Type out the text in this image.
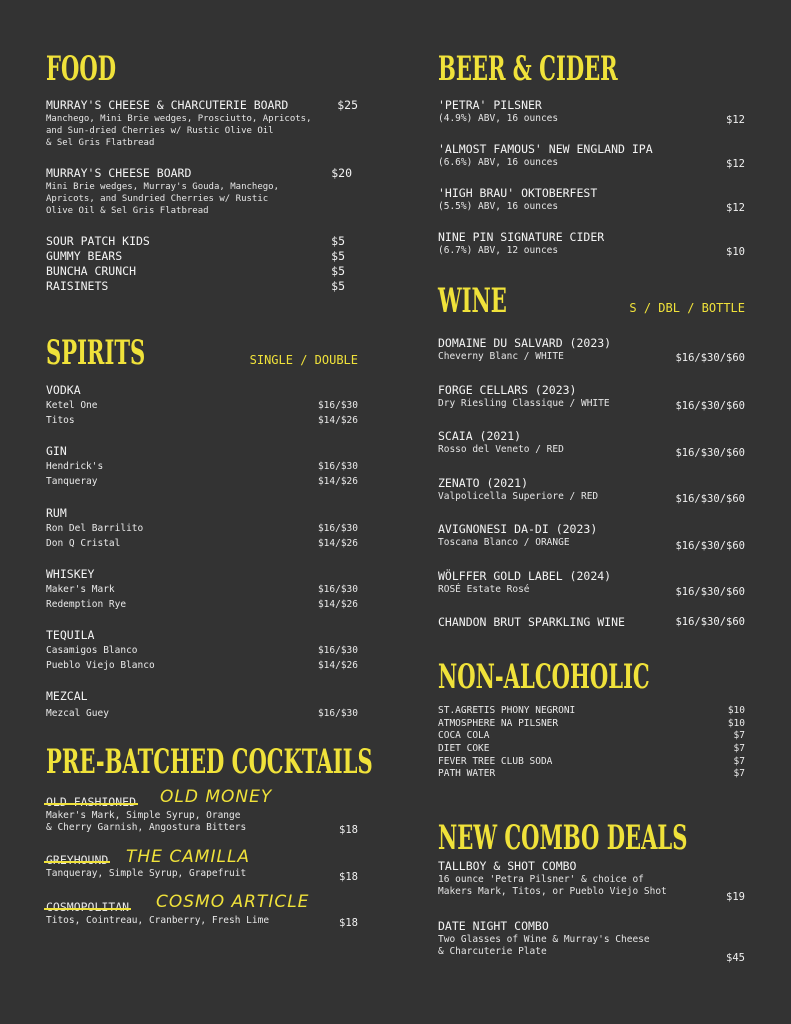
FOOD
MURRAY'S CHEESE & CHARCUTERIE BOARD	$25
Manchego, Mini Brie wedges, Prosciutto, Apricots,
and Sun-dried Cherries w/ Rustic Olive Oil
& Sel Gris Flatbread
MURRAY'S CHEESE BOARD	$20
Mini Brie wedges, Murray's Gouda, Manchego,
Apricots, and Sundried Cherries w/ Rustic
Olive Oil & Sel Gris Flatbread
SOUR PATCH KIDS	$5
GUMMY BEARS	$5
BUNCHA CRUNCH	$5
RAISINETS	$5
SPIRITS	SINGLE / DOUBLE
VODKA
Ketel One	$16/$30
Titos	$14/$26
GIN
Hendrick's	$16/$30
Tanqueray	$14/$26
RUM
Ron Del Barrilito	$16/$30
Don Q Cristal	$14/$26
WHISKEY
Maker's Mark	$16/$30
Redemption Rye	$14/$26
TEQUILA
Casamigos Blanco	$16/$30
Pueblo Viejo Blanco	$14/$26
MEZCAL
Mezcal Guey	$16/$30
PRE-BATCHED COCKTAILS
OLD FASHIONED	OLD MONEY
Maker's Mark, Simple Syrup, Orange
& Cherry Garnish, Angostura Bitters	$18
GREYHOUND	THE CAMILLA
Tanqueray, Simple Syrup, Grapefruit	$18
COSMOPOLITAN	COSMO ARTICLE
Titos, Cointreau, Cranberry, Fresh Lime	$18
BEER & CIDER
'PETRA' PILSNER
(4.9%) ABV, 16 ounces	$12
'ALMOST FAMOUS' NEW ENGLAND IPA
(6.6%) ABV, 16 ounces	$12
'HIGH BRAU' OKTOBERFEST
(5.5%) ABV, 16 ounces	$12
NINE PIN SIGNATURE CIDER
(6.7%) ABV, 12 ounces	$10
WINE	S / DBL / BOTTLE
DOMAINE DU SALVARD (2023)
Cheverny Blanc / WHITE	$16/$30/$60
FORGE CELLARS (2023)
Dry Riesling Classique / WHITE	$16/$30/$60
SCAIA (2021)
Rosso del Veneto / RED	$16/$30/$60
ZENATO (2021)
Valpolicella Superiore / RED	$16/$30/$60
AVIGNONESI DA-DI (2023)
Toscana Blanco / ORANGE	$16/$30/$60
WÖLFFER GOLD LABEL (2024)
ROSÉ Estate Rosé	$16/$30/$60
CHANDON BRUT SPARKLING WINE	$16/$30/$60
NON-ALCOHOLIC
ST.AGRETIS PHONY NEGRONI	$10
ATMOSPHERE NA PILSNER	$10
COCA COLA	$7
DIET COKE	$7
FEVER TREE CLUB SODA	$7
PATH WATER	$7
NEW COMBO DEALS
TALLBOY & SHOT COMBO
16 ounce 'Petra Pilsner' & choice of
Makers Mark, Titos, or Pueblo Viejo Shot	$19
DATE NIGHT COMBO
Two Glasses of Wine & Murray's Cheese
& Charcuterie Plate
$45
